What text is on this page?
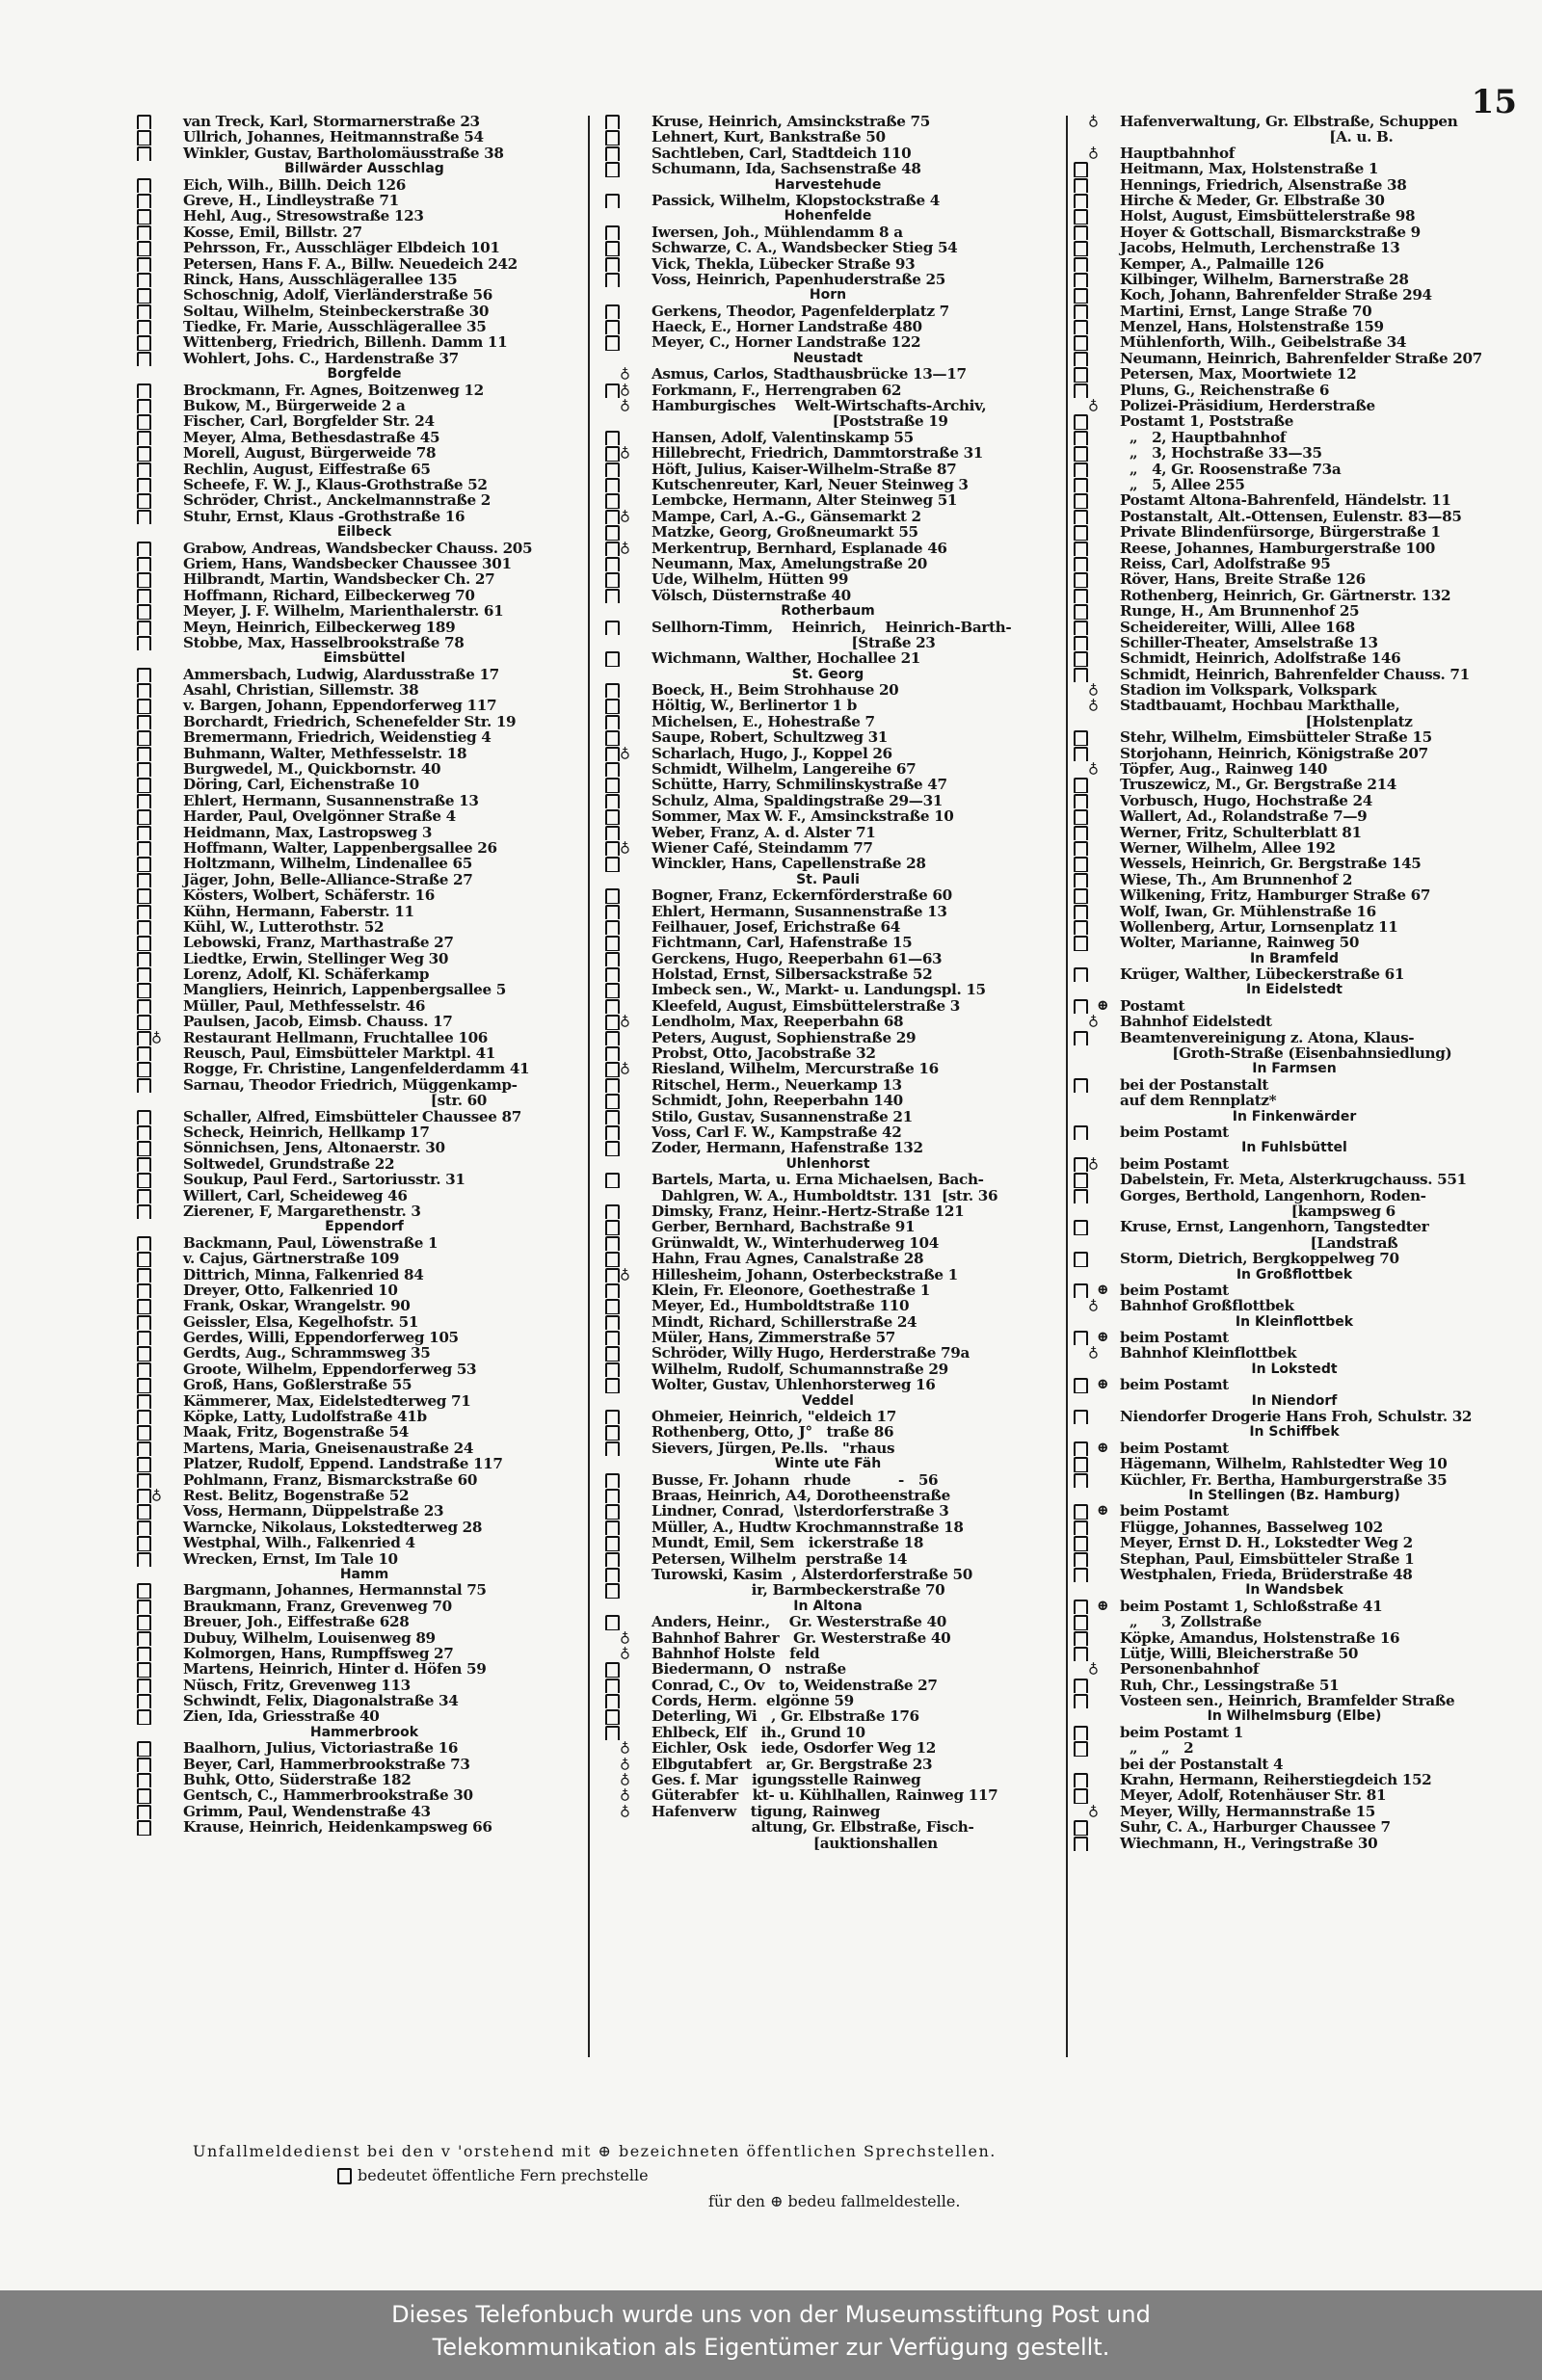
15
van Treck, Karl, Stormarnerstraße 23
Ullrich, Johannes, Heitmannstraße 54
Winkler, Gustav, Bartholomäusstraße 38
Billwärder Ausschlag
Eich, Wilh., Billh. Deich 126
Greve, H., Lindleystraße 71
Hehl, Aug., Stresowstraße 123
Kosse, Emil, Billstr. 27
Pehrsson, Fr., Ausschläger Elbdeich 101
Petersen, Hans F. A., Billw. Neuedeich 242
Rinck, Hans, Ausschlägerallee 135
Schoschnig, Adolf, Vierländerstraße 56
Soltau, Wilhelm, Steinbeckerstraße 30
Tiedke, Fr. Marie, Ausschlägerallee 35
Wittenberg, Friedrich, Billenh. Damm 11
Wohlert, Johs. C., Hardenstraße 37
Borgfelde
Brockmann, Fr. Agnes, Boitzenweg 12
Bukow, M., Bürgerweide 2 a
Fischer, Carl, Borgfelder Str. 24
Meyer, Alma, Bethesdastraße 45
Morell, August, Bürgerweide 78
Rechlin, August, Eiffestraße 65
Scheefe, F. W. J., Klaus-Grothstraße 52
Schröder, Christ., Anckelmannstraße 2
Stuhr, Ernst, Klaus -Grothstraße 16
Eilbeck
Grabow, Andreas, Wandsbecker Chauss. 205
Griem, Hans, Wandsbecker Chaussee 301
Hilbrandt, Martin, Wandsbecker Ch. 27
Hoffmann, Richard, Eilbeckerweg 70
Meyer, J. F. Wilhelm, Marienthalerstr. 61
Meyn, Heinrich, Eilbeckerweg 189
Stobbe, Max, Hasselbrookstraße 78
Eimsbüttel
Ammersbach, Ludwig, Alardusstraße 17
Asahl, Christian, Sillemstr. 38
v. Bargen, Johann, Eppendorferweg 117
Borchardt, Friedrich, Schenefelder Str. 19
Bremermann, Friedrich, Weidenstieg 4
Buhmann, Walter, Methfesselstr. 18
Burgwedel, M., Quickbornstr. 40
Döring, Carl, Eichenstraße 10
Ehlert, Hermann, Susannenstraße 13
Harder, Paul, Ovelgönner Straße 4
Heidmann, Max, Lastropsweg 3
Hoffmann, Walter, Lappenbergsallee 26
Holtzmann, Wilhelm, Lindenallee 65
Jäger, John, Belle-Alliance-Straße 27
Kösters, Wolbert, Schäferstr. 16
Kühn, Hermann, Faberstr. 11
Kühl, W., Lutterothstr. 52
Lebowski, Franz, Marthastraße 27
Liedtke, Erwin, Stellinger Weg 30
Lorenz, Adolf, Kl. Schäferkamp
Mangliers, Heinrich, Lappenbergsallee 5
Müller, Paul, Methfesselstr. 46
Paulsen, Jacob, Eimsb. Chauss. 17
♁ Restaurant Hellmann, Fruchtallee 106
Reusch, Paul, Eimsbütteler Marktpl. 41
Rogge, Fr. Christine, Langenfelderdamm 41
Sarnau, Theodor Friedrich, Müggenkamp-
[str. 60
Schaller, Alfred, Eimsbütteler Chaussee 87
Scheck, Heinrich, Hellkamp 17
Sönnichsen, Jens, Altonaerstr. 30
Soltwedel, Grundstraße 22
Soukup, Paul Ferd., Sartoriusstr. 31
Willert, Carl, Scheideweg 46
Zierener, F, Margarethenstr. 3
Eppendorf
Backmann, Paul, Löwenstraße 1
v. Cajus, Gärtnerstraße 109
Dittrich, Minna, Falkenried 84
Dreyer, Otto, Falkenried 10
Frank, Oskar, Wrangelstr. 90
Geissler, Elsa, Kegelhofstr. 51
Gerdes, Willi, Eppendorferweg 105
Gerdts, Aug., Schrammsweg 35
Groote, Wilhelm, Eppendorferweg 53
Groß, Hans, Goßlerstraße 55
Kämmerer, Max, Eidelstedterweg 71
Köpke, Latty, Ludolfstraße 41b
Maak, Fritz, Bogenstraße 54
Martens, Maria, Gneisenaustraße 24
Platzer, Rudolf, Eppend. Landstraße 117
Pohlmann, Franz, Bismarckstraße 60
♁ Rest. Belitz, Bogenstraße 52
Voss, Hermann, Düppelstraße 23
Warncke, Nikolaus, Lokstedterweg 28
Westphal, Wilh., Falkenried 4
Wrecken, Ernst, Im Tale 10
Hamm
Bargmann, Johannes, Hermannstal 75
Braukmann, Franz, Grevenweg 70
Breuer, Joh., Eiffestraße 628
Dubuy, Wilhelm, Louisenweg 89
Kolmorgen, Hans, Rumpffsweg 27
Martens, Heinrich, Hinter d. Höfen 59
Nüsch, Fritz, Grevenweg 113
Schwindt, Felix, Diagonalstraße 34
Zien, Ida, Griesstraße 40
Hammerbrook
Baalhorn, Julius, Victoriastraße 16
Beyer, Carl, Hammerbrookstraße 73
Buhk, Otto, Süderstraße 182
Gentsch, C., Hammerbrookstraße 30
Grimm, Paul, Wendenstraße 43
Krause, Heinrich, Heidenkampsweg 66
Kruse, Heinrich, Amsinckstraße 75
Lehnert, Kurt, Bankstraße 50
Sachtleben, Carl, Stadtdeich 110
Schumann, Ida, Sachsenstraße 48
Harvestehude
Passick, Wilhelm, Klopstockstraße 4
Hohenfelde
Iwersen, Joh., Mühlendamm 8 a
Schwarze, C. A., Wandsbecker Stieg 54
Vick, Thekla, Lübecker Straße 93
Voss, Heinrich, Papenhuderstraße 25
Horn
Gerkens, Theodor, Pagenfelderplatz 7
Haeck, E., Horner Landstraße 480
Meyer, C., Horner Landstraße 122
Neustadt
♁ Asmus, Carlos, Stadthausbrücke 13—17
♁ Forkmann, F., Herrengraben 62
♁ Hamburgisches    Welt-Wirtschafts-Archiv,
[Poststraße 19
Hansen, Adolf, Valentinskamp 55
♁ Hillebrecht, Friedrich, Dammtorstraße 31
Höft, Julius, Kaiser-Wilhelm-Straße 87
Kutschenreuter, Karl, Neuer Steinweg 3
Lembcke, Hermann, Alter Steinweg 51
♁ Mampe, Carl, A.-G., Gänsemarkt 2
Matzke, Georg, Großneumarkt 55
♁ Merkentrup, Bernhard, Esplanade 46
Neumann, Max, Amelungstraße 20
Ude, Wilhelm, Hütten 99
Völsch, Düsternstraße 40
Rotherbaum
Sellhorn-Timm,    Heinrich,    Heinrich-Barth-
[Straße 23
Wichmann, Walther, Hochallee 21
St. Georg
Boeck, H., Beim Strohhause 20
Höltig, W., Berlinertor 1 b
Michelsen, E., Hohestraße 7
Saupe, Robert, Schultzweg 31
♁ Scharlach, Hugo, J., Koppel 26
Schmidt, Wilhelm, Langereihe 67
Schütte, Harry, Schmilinskystraße 47
Schulz, Alma, Spaldingstraße 29—31
Sommer, Max W. F., Amsinckstraße 10
Weber, Franz, A. d. Alster 71
♁ Wiener Café, Steindamm 77
Winckler, Hans, Capellenstraße 28
St. Pauli
Bogner, Franz, Eckernförderstraße 60
Ehlert, Hermann, Susannenstraße 13
Feilhauer, Josef, Erichstraße 64
Fichtmann, Carl, Hafenstraße 15
Gerckens, Hugo, Reeperbahn 61—63
Holstad, Ernst, Silbersackstraße 52
Imbeck sen., W., Markt- u. Landungspl. 15
Kleefeld, August, Eimsbüttelerstraße 3
♁ Lendholm, Max, Reeperbahn 68
Peters, August, Sophienstraße 29
Probst, Otto, Jacobstraße 32
♁ Riesland, Wilhelm, Mercurstraße 16
Ritschel, Herm., Neuerkamp 13
Schmidt, John, Reeperbahn 140
Stilo, Gustav, Susannenstraße 21
Voss, Carl F. W., Kampstraße 42
Zoder, Hermann, Hafenstraße 132
Uhlenhorst
Bartels, Marta, u. Erna Michaelsen, Bach-
Dahlgren, W. A., Humboldtstr. 131  [str. 36
Dimsky, Franz, Heinr.-Hertz-Straße 121
Gerber, Bernhard, Bachstraße 91
Grünwaldt, W., Winterhuderweg 104
Hahn, Frau Agnes, Canalstraße 28
♁ Hillesheim, Johann, Osterbeckstraße 1
Klein, Fr. Eleonore, Goethestraße 1
Meyer, Ed., Humboldtstraße 110
Mindt, Richard, Schillerstraße 24
Müler, Hans, Zimmerstraße 57
Schröder, Willy Hugo, Herderstraße 79a
Wilhelm, Rudolf, Schumannstraße 29
Wolter, Gustav, Uhlenhorsterweg 16
Veddel
Ohmeier, Heinrich, "eldeich 17
Rothenberg, Otto, J°   traße 86
Sievers, Jürgen, Pe.lls.   "rhaus
Winte ute Fäh
Busse, Fr. Johann   rhude          -   56
Braas, Heinrich, A4, Dorotheenstraße
Lindner, Conrad,  \lsterdorferstraße 3
Müller, A., Hudtw Krochmannstraße 18
Mundt, Emil, Sem   ickerstraße 18
Petersen, Wilhelm  perstraße 14
Turowski, Kasim  , Alsterdorferstraße 50
ir, Barmbeckerstraße 70
In Altona
Anders, Heinr.,    Gr. Westerstraße 40
♁ Bahnhof Bahrer   Gr. Westerstraße 40
♁ Bahnhof Holste   feld
Biedermann, O   nstraße
Conrad, C., Ov   to, Weidenstraße 27
Cords, Herm.  elgönne 59
Deterling, Wi   , Gr. Elbstraße 176
Ehlbeck, Elf   ih., Grund 10
♁ Eichler, Osk   iede, Osdorfer Weg 12
♁ Elbgutabfert   ar, Gr. Bergstraße 23
♁ Ges. f. Mar   igungsstelle Rainweg
♁ Güterabfer   kt- u. Kühlhallen, Rainweg 117
♁ Hafenverw   tigung, Rainweg
altung, Gr. Elbstraße, Fisch-
[auktionshallen
♁ Hafenverwaltung, Gr. Elbstraße, Schuppen
[A. u. B.
♁ Hauptbahnhof
Heitmann, Max, Holstenstraße 1
Hennings, Friedrich, Alsenstraße 38
Hirche & Meder, Gr. Elbstraße 30
Holst, August, Eimsbüttelerstraße 98
Hoyer & Gottschall, Bismarckstraße 9
Jacobs, Helmuth, Lerchenstraße 13
Kemper, A., Palmaille 126
Kilbinger, Wilhelm, Barnerstraße 28
Koch, Johann, Bahrenfelder Straße 294
Martini, Ernst, Lange Straße 70
Menzel, Hans, Holstenstraße 159
Mühlenforth, Wilh., Geibelstraße 34
Neumann, Heinrich, Bahrenfelder Straße 207
Petersen, Max, Moortwiete 12
Pluns, G., Reichenstraße 6
♁ Polizei-Präsidium, Herderstraße
Postamt 1, Poststraße
„   2, Hauptbahnhof
„   3, Hochstraße 33—35
„   4, Gr. Roosenstraße 73a
„   5, Allee 255
Postamt Altona-Bahrenfeld, Händelstr. 11
Postanstalt, Alt.-Ottensen, Eulenstr. 83—85
Private Blindenfürsorge, Bürgerstraße 1
Reese, Johannes, Hamburgerstraße 100
Reiss, Carl, Adolfstraße 95
Röver, Hans, Breite Straße 126
Rothenberg, Heinrich, Gr. Gärtnerstr. 132
Runge, H., Am Brunnenhof 25
Scheidereiter, Willi, Allee 168
Schiller-Theater, Amselstraße 13
Schmidt, Heinrich, Adolfstraße 146
Schmidt, Heinrich, Bahrenfelder Chauss. 71
♁ Stadion im Volkspark, Volkspark
♁ Stadtbauamt, Hochbau Markthalle,
[Holstenplatz
Stehr, Wilhelm, Eimsbütteler Straße 15
Storjohann, Heinrich, Königstraße 207
♁ Töpfer, Aug., Rainweg 140
Truszewicz, M., Gr. Bergstraße 214
Vorbusch, Hugo, Hochstraße 24
Wallert, Ad., Rolandstraße 7—9
Werner, Fritz, Schulterblatt 81
Werner, Wilhelm, Allee 192
Wessels, Heinrich, Gr. Bergstraße 145
Wiese, Th., Am Brunnenhof 2
Wilkening, Fritz, Hamburger Straße 67
Wolf, Iwan, Gr. Mühlenstraße 16
Wollenberg, Artur, Lornsenplatz 11
Wolter, Marianne, Rainweg 50
In Bramfeld
Krüger, Walther, Lübeckerstraße 61
In Eidelstedt
⊕ Postamt
♁ Bahnhof Eidelstedt
Beamtenvereinigung z. Atona, Klaus-
[Groth-Straße (Eisenbahnsiedlung)
In Farmsen
bei der Postanstalt
auf dem Rennplatz*
In Finkenwärder
beim Postamt
In Fuhlsbüttel
♁ beim Postamt
Dabelstein, Fr. Meta, Alsterkrugchauss. 551
Gorges, Berthold, Langenhorn, Roden-
[kampsweg 6
Kruse, Ernst, Langenhorn, Tangstedter
[Landstraß
Storm, Dietrich, Bergkoppelweg 70
In Großflottbek
⊕ beim Postamt
♁ Bahnhof Großflottbek
In Kleinflottbek
⊕ beim Postamt
♁ Bahnhof Kleinflottbek
In Lokstedt
⊕ beim Postamt
In Niendorf
Niendorfer Drogerie Hans Froh, Schulstr. 32
In Schiffbek
⊕ beim Postamt
Hägemann, Wilhelm, Rahlstedter Weg 10
Küchler, Fr. Bertha, Hamburgerstraße 35
In Stellingen (Bz. Hamburg)
⊕ beim Postamt
Flügge, Johannes, Basselweg 102
Meyer, Ernst D. H., Lokstedter Weg 2
Stephan, Paul, Eimsbütteler Straße 1
Westphalen, Frieda, Brüderstraße 48
In Wandsbek
⊕ beim Postamt 1, Schloßstraße 41
„     3, Zollstraße
Köpke, Amandus, Holstenstraße 16
Lütje, Willi, Bleicherstraße 50
♁ Personenbahnhof
Ruh, Chr., Lessingstraße 51
Vosteen sen., Heinrich, Bramfelder Straße
In Wilhelmsburg (Elbe)
beim Postamt 1
„     „   2
bei der Postanstalt 4
Krahn, Hermann, Reiherstiegdeich 152
Meyer, Adolf, Rotenhäuser Str. 81
♁ Meyer, Willy, Hermannstraße 15
Suhr, C. A., Harburger Chaussee 7
Wiechmann, H., Veringstraße 30
Unfallmeldedienst bei den v 'orstehend mit ⊕ bezeichneten öffentlichen Sprechstellen.
bedeutet öffentliche Fern prechstelle
für den ⊕ bedeu fallmeldestelle.
Dieses Telefonbuch wurde uns von der Museumsstiftung Post und
Telekommunikation als Eigentümer zur Verfügung gestellt.
